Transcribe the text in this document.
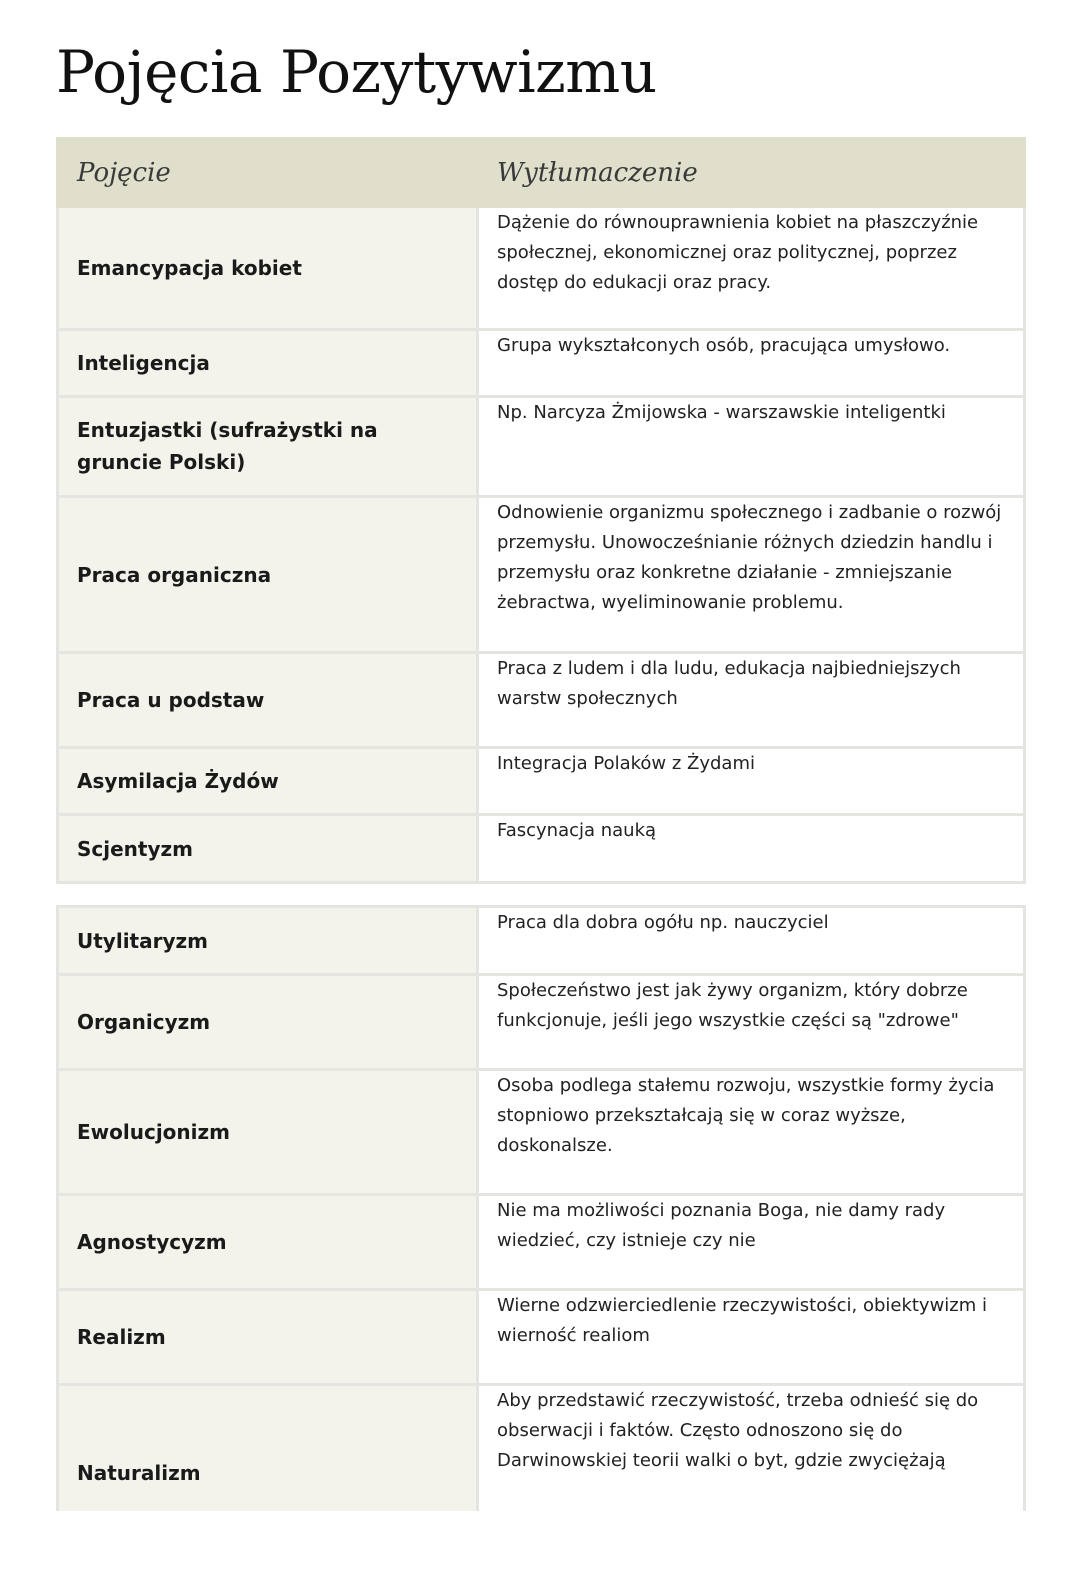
Pojęcia Pozytywizmu
Pojęcie	Wytłumaczenie
Emancypacja kobiet	Dążenie do równouprawnienia kobiet na płaszczyźnie społecznej, ekonomicznej oraz politycznej, poprzez dostęp do edukacji oraz pracy.
Inteligencja	Grupa wykształconych osób, pracująca umysłowo.
Entuzjastki (sufrażystki na gruncie Polski)	Np. Narcyza Żmijowska - warszawskie inteligentki
Praca organiczna	Odnowienie organizmu społecznego i zadbanie o rozwój przemysłu. Unowocześnianie różnych dziedzin handlu i przemysłu oraz konkretne działanie - zmniejszanie żebractwa, wyeliminowanie problemu.
Praca u podstaw	Praca z ludem i dla ludu, edukacja najbiedniejszych warstw społecznych
Asymilacja Żydów	Integracja Polaków z Żydami
Scjentyzm	Fascynacja nauką
Utylitaryzm	Praca dla dobra ogółu np. nauczyciel
Organicyzm	Społeczeństwo jest jak żywy organizm, który dobrze funkcjonuje, jeśli jego wszystkie części są "zdrowe"
Ewolucjonizm	Osoba podlega stałemu rozwoju, wszystkie formy życia stopniowo przekształcają się w coraz wyższe, doskonalsze.
Agnostycyzm	Nie ma możliwości poznania Boga, nie damy rady wiedzieć, czy istnieje czy nie
Realizm	Wierne odzwierciedlenie rzeczywistości, obiektywizm i wierność realiom
Naturalizm	Aby przedstawić rzeczywistość, trzeba odnieść się do obserwacji i faktów. Często odnoszono się do Darwinowskiej teorii walki o byt, gdzie zwyciężają
